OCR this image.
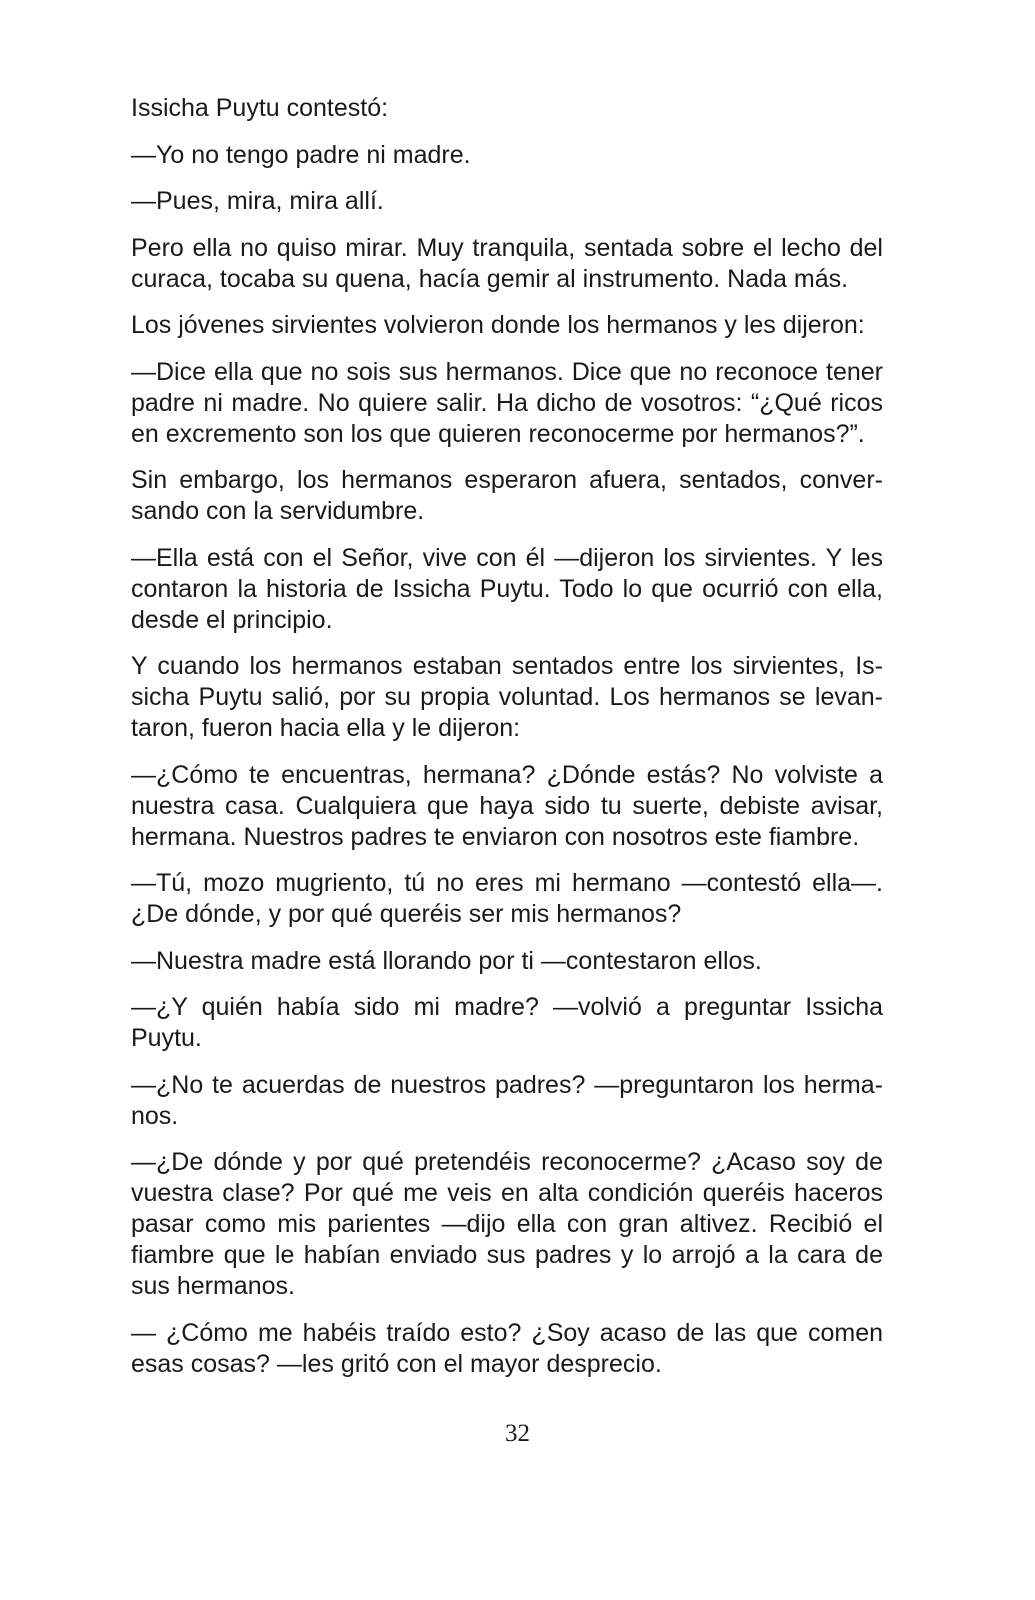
Issicha Puytu contestó:

—Yo no tengo padre ni madre.

—Pues, mira, mira allí.

Pero ella no quiso mirar. Muy tranquila, sentada sobre el lecho del curaca, tocaba su quena, hacía gemir al instrumento. Nada más.

Los jóvenes sirvientes volvieron donde los hermanos y les dijeron:

—Dice ella que no sois sus hermanos. Dice que no reconoce tener padre ni madre. No quiere salir. Ha dicho de vosotros: “¿Qué ricos en excremento son los que quieren reconocerme por hermanos?”.

Sin embargo, los hermanos esperaron afuera, sentados, conversando con la servidumbre.

—Ella está con el Señor, vive con él —dijeron los sirvientes. Y les contaron la historia de Issicha Puytu. Todo lo que ocurrió con ella, desde el principio.

Y cuando los hermanos estaban sentados entre los sirvientes, Issicha Puytu salió, por su propia voluntad. Los hermanos se levantaron, fueron hacia ella y le dijeron:

—¿Cómo te encuentras, hermana? ¿Dónde estás? No volviste a nuestra casa. Cualquiera que haya sido tu suerte, debiste avisar, hermana. Nuestros padres te enviaron con nosotros este fiambre.

—Tú, mozo mugriento, tú no eres mi hermano —contestó ella—. ¿De dónde, y por qué queréis ser mis hermanos?

—Nuestra madre está llorando por ti —contestaron ellos.

—¿Y quién había sido mi madre? —volvió a preguntar Issicha Puytu.

—¿No te acuerdas de nuestros padres? —preguntaron los hermanos.

—¿De dónde y por qué pretendéis reconocerme? ¿Acaso soy de vuestra clase? Por qué me veis en alta condición queréis haceros pasar como mis parientes —dijo ella con gran altivez. Recibió el fiambre que le habían enviado sus padres y lo arrojó a la cara de sus hermanos.

— ¿Cómo me habéis traído esto? ¿Soy acaso de las que comen esas cosas? —les gritó con el mayor desprecio.

32
